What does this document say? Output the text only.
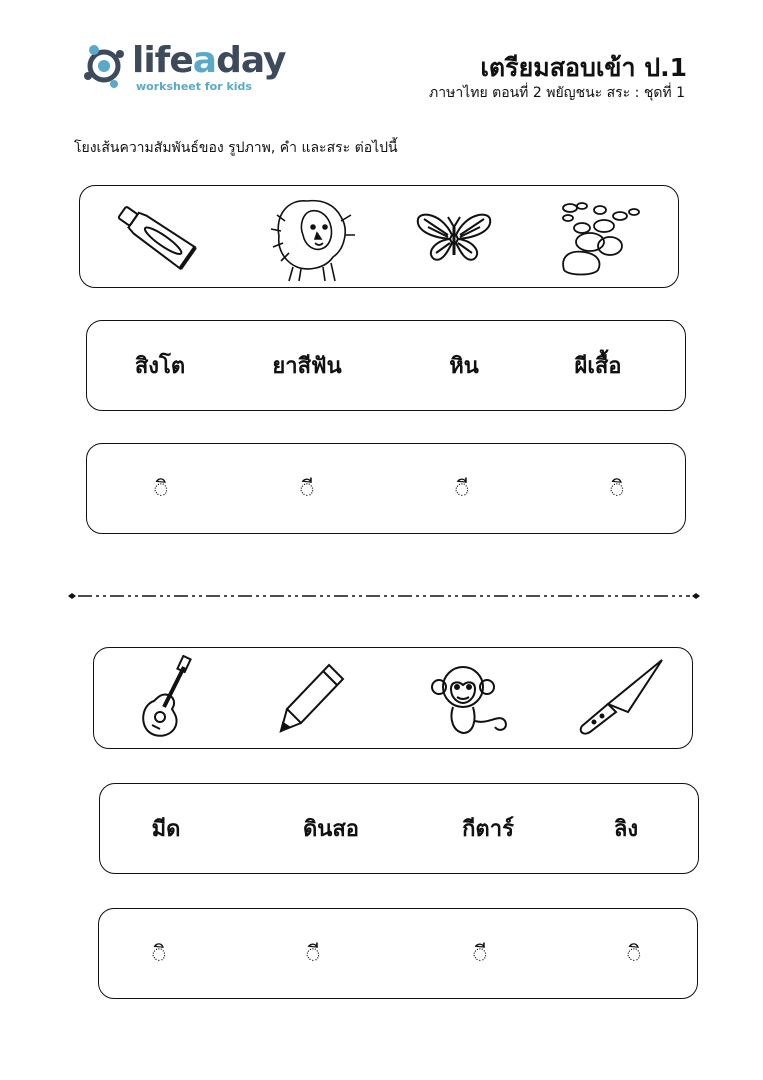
lifeaday
worksheet for kids
เตรียมสอบเข้า ป.1
ภาษาไทย ตอนที่ 2 พยัญชนะ สระ : ชุดที่ 1
โยงเส้นความสัมพันธ์ของ รูปภาพ, คำ และสระ ต่อไปนี้
สิงโต	ยาสีฟัน	หิน	ผีเสื้อ
◌ิ	◌ี	◌ี	◌ิ
มีด	ดินสอ	กีตาร์	ลิง
◌ิ	◌ี	◌ี	◌ิ
